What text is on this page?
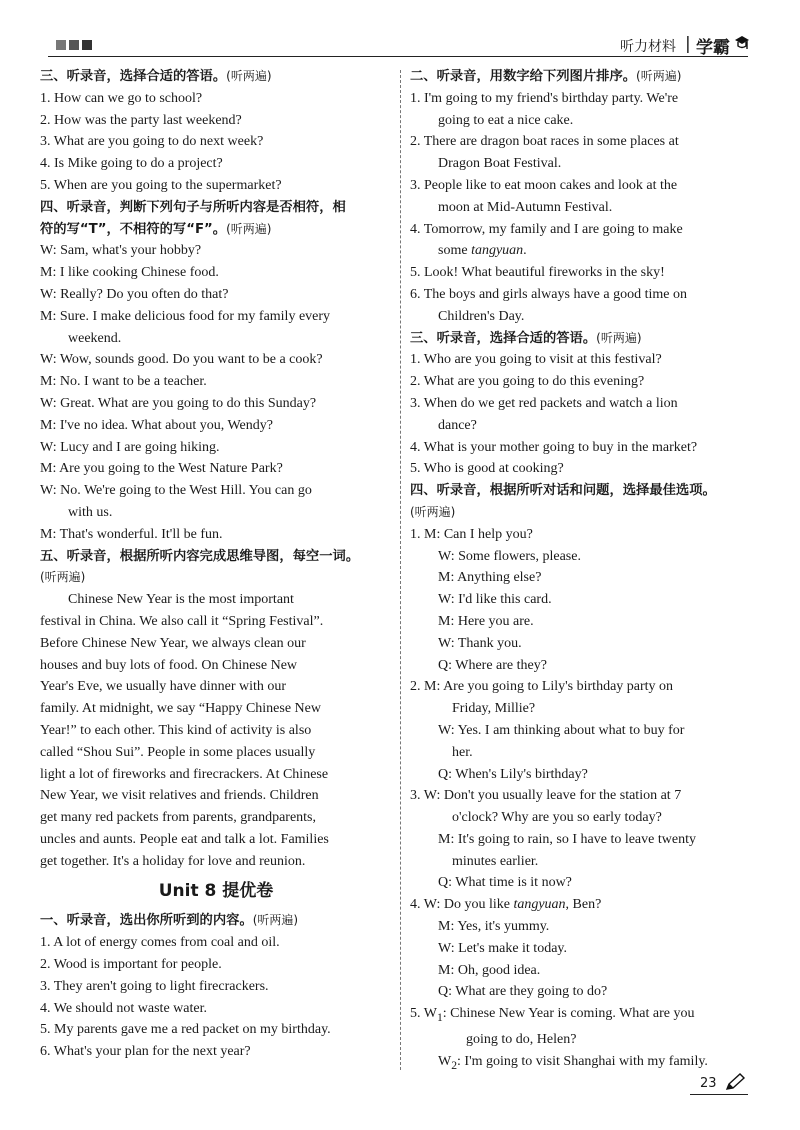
听力材料 | 学霸
三、听录音，选择合适的答语。(听两遍)
1. How can we go to school?
2. How was the party last weekend?
3. What are you going to do next week?
4. Is Mike going to do a project?
5. When are you going to the supermarket?
四、听录音，判断下列句子与所听内容是否相符，相
符的写“T”，不相符的写“F”。(听两遍)
W: Sam, what's your hobby?
M: I like cooking Chinese food.
W: Really? Do you often do that?
M: Sure. I make delicious food for my family every
weekend.
W: Wow, sounds good. Do you want to be a cook?
M: No. I want to be a teacher.
W: Great. What are you going to do this Sunday?
M: I've no idea. What about you, Wendy?
W: Lucy and I are going hiking.
M: Are you going to the West Nature Park?
W: No. We're going to the West Hill. You can go
with us.
M: That's wonderful. It'll be fun.
五、听录音，根据所听内容完成思维导图，每空一词。
(听两遍)
Chinese New Year is the most important
festival in China. We also call it “Spring Festival”.
Before Chinese New Year, we always clean our
houses and buy lots of food. On Chinese New
Year's Eve, we usually have dinner with our
family. At midnight, we say “Happy Chinese New
Year!” to each other. This kind of activity is also
called “Shou Sui”. People in some places usually
light a lot of fireworks and firecrackers. At Chinese
New Year, we visit relatives and friends. Children
get many red packets from parents, grandparents,
uncles and aunts. People eat and talk a lot. Families
get together. It's a holiday for love and reunion.
Unit 8 提优卷
一、听录音，选出你所听到的内容。(听两遍)
1. A lot of energy comes from coal and oil.
2. Wood is important for people.
3. They aren't going to light firecrackers.
4. We should not waste water.
5. My parents gave me a red packet on my birthday.
6. What's your plan for the next year?
二、听录音，用数字给下列图片排序。(听两遍)
1. I'm going to my friend's birthday party. We're
going to eat a nice cake.
2. There are dragon boat races in some places at
Dragon Boat Festival.
3. People like to eat moon cakes and look at the
moon at Mid-Autumn Festival.
4. Tomorrow, my family and I are going to make
some tangyuan.
5. Look! What beautiful fireworks in the sky!
6. The boys and girls always have a good time on
Children's Day.
三、听录音，选择合适的答语。(听两遍)
1. Who are you going to visit at this festival?
2. What are you going to do this evening?
3. When do we get red packets and watch a lion
dance?
4. What is your mother going to buy in the market?
5. Who is good at cooking?
四、听录音，根据所听对话和问题，选择最佳选项。
(听两遍)
1. M: Can I help you?
W: Some flowers, please.
M: Anything else?
W: I'd like this card.
M: Here you are.
W: Thank you.
Q: Where are they?
2. M: Are you going to Lily's birthday party on
Friday, Millie?
W: Yes. I am thinking about what to buy for
her.
Q: When's Lily's birthday?
3. W: Don't you usually leave for the station at 7
o'clock? Why are you so early today?
M: It's going to rain, so I have to leave twenty
minutes earlier.
Q: What time is it now?
4. W: Do you like tangyuan, Ben?
M: Yes, it's yummy.
W: Let's make it today.
M: Oh, good idea.
Q: What are they going to do?
5. $W_1$: Chinese New Year is coming. What are you
going to do, Helen?
$W_2$: I'm going to visit Shanghai with my family.
23
